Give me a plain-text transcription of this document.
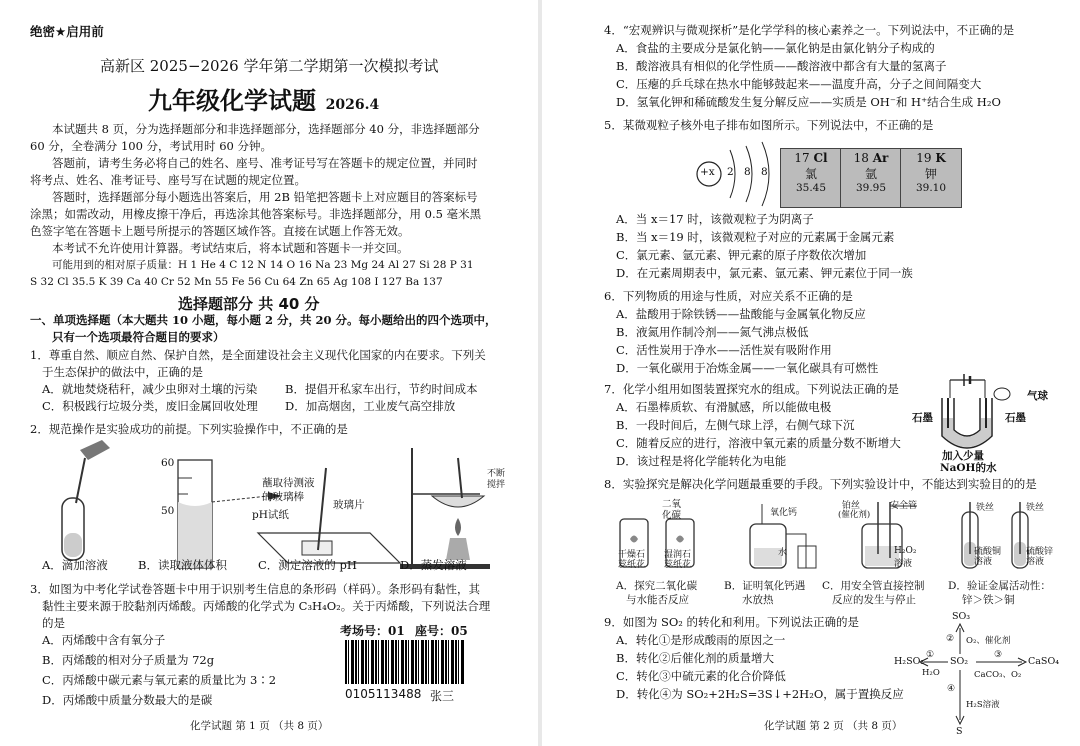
绝密★启用前
高新区 2025−2026 学年第二学期第一次模拟考试
九年级化学试题 2026.4
本试题共 8 页，分为选择题部分和非选择题部分，选择题部分 40 分，非选择题部分
60 分，全卷满分 100 分，考试用时 60 分钟。
答题前，请考生务必将自己的姓名、座号、准考证号写在答题卡的规定位置，并同时
将考点、姓名、准考证号、座号写在试题的规定位置。
答题时，选择题部分每小题选出答案后，用 2B 铅笔把答题卡上对应题目的答案标号
涂黑；如需改动，用橡皮擦干净后，再选涂其他答案标号。非选择题部分，用 0.5 毫米黑
色签字笔在答题卡上题号所提示的答题区域作答。直接在试题上作答无效。
本考试不允许使用计算器。考试结束后，将本试题和答题卡一并交回。
可能用到的相对原子质量：H 1 He 4 C 12 N 14 O 16 Na 23 Mg 24 Al 27 Si 28 P 31
S 32 Cl 35.5 K 39 Ca 40 Cr 52 Mn 55 Fe 56 Cu 64 Zn 65 Ag 108 I 127 Ba 137
选择题部分 共 40 分
一、单项选择题（本大题共 10 小题，每小题 2 分，共 20 分。每小题给出的四个选项中，
只有一个选项最符合题目的要求）
1．尊重自然、顺应自然、保护自然，是全面建设社会主义现代化国家的内在要求。下列关
于生态保护的做法中，正确的是
A．就地焚烧秸秆，减少虫卵对土壤的污染 B．提倡开私家车出行，节约时间成本
C．积极践行垃圾分类，废旧金属回收处理 D．加高烟囱，工业废气高空排放
2．规范操作是实验成功的前提。下列实验操作中，不正确的是
60
50
蘸取待测液
的玻璃棒
pH试纸
玻璃片
不断
搅拌
A．滴加溶液	B．读取液体体积	C．测定溶液的 pH	D．蒸发溶液
3．如图为中考化学试卷答题卡中用于识别考生信息的条形码（样码）。条形码有黏性，其
黏性主要来源于胶黏剂丙烯酸。丙烯酸的化学式为 C₃H₄O₂。关于丙烯酸，下列说法合理
的是
A．丙烯酸中含有氧分子
B．丙烯酸的相对分子质量为 72g
C．丙烯酸中碳元素与氧元素的质量比为 3∶2
D．丙烯酸中质量分数最大的是碳
考场号：01 座号：05
0105113488 张三
化学试题 第 1 页 （共 8 页）
4．“宏观辨识与微观探析”是化学学科的核心素养之一。下列说法中，不正确的是
A．食盐的主要成分是氯化钠——氯化钠是由氯化钠分子构成的
B．酸溶液具有相似的化学性质——酸溶液中都含有大量的氢离子
C．压瘪的乒乓球在热水中能够鼓起来——温度升高，分子之间间隔变大
D．氢氧化钾和稀硫酸发生复分解反应——实质是 OH⁻和 H⁺结合生成 H₂O
5．某微观粒子核外电子排布如图所示。下列说法中，不正确的是
+x 2 8 8
17 Cl
氯
35.45
18 Ar
氩
39.95
19 K
钾
39.10
A．当 x＝17 时，该微观粒子为阴离子
B．当 x＝19 时，该微观粒子对应的元素属于金属元素
C．氯元素、氩元素、钾元素的原子序数依次增加
D．在元素周期表中，氯元素、氩元素、钾元素位于同一族
6．下列物质的用途与性质，对应关系不正确的是
A．盐酸用于除铁锈——盐酸能与金属氧化物反应
B．液氮用作制冷剂——氮气沸点极低
C．活性炭用于净水——活性炭有吸附作用
D．一氧化碳用于冶炼金属——一氧化碳具有可燃性
7．化学小组用如图装置探究水的组成。下列说法正确的是
A．石墨棒质软、有滑腻感，所以能做电极
B．一段时间后，左侧气球上浮，右侧气球下沉
C．随着反应的进行，溶液中氧元素的质量分数不断增大
D．该过程是将化学能转化为电能
气球
石墨	石墨
加入少量
NaOH的水
8．实验探究是解决化学问题最重要的手段。下列实验设计中，不能达到实验目的的是
二氧
化碳
干燥石
蕊纸花
湿润石
蕊纸花
氧化钙
水
铂丝
(催化剂)
安全管
H₂O₂
溶液
铁丝	铁丝
硫酸铜
溶液
硫酸锌
溶液
A．探究二氧化碳
与水能否反应
B．证明氧化钙遇
水放热
C．用安全管直接控制
反应的发生与停止
D．验证金属活动性：
锌＞铁＞铜
9．如图为 SO₂ 的转化和利用。下列说法正确的是
A．转化①是形成酸雨的原因之一
B．转化②后催化剂的质量增大
C．转化③中硫元素的化合价降低
D．转化④为 SO₂+2H₂S=3S↓+2H₂O，属于置换反应
SO₃
SO₂
H₂SO₃	CaSO₄
S
② O₂、催化剂
①
H₂O
③
CaCO₃、O₂
④
H₂S溶液
化学试题 第 2 页 （共 8 页）
